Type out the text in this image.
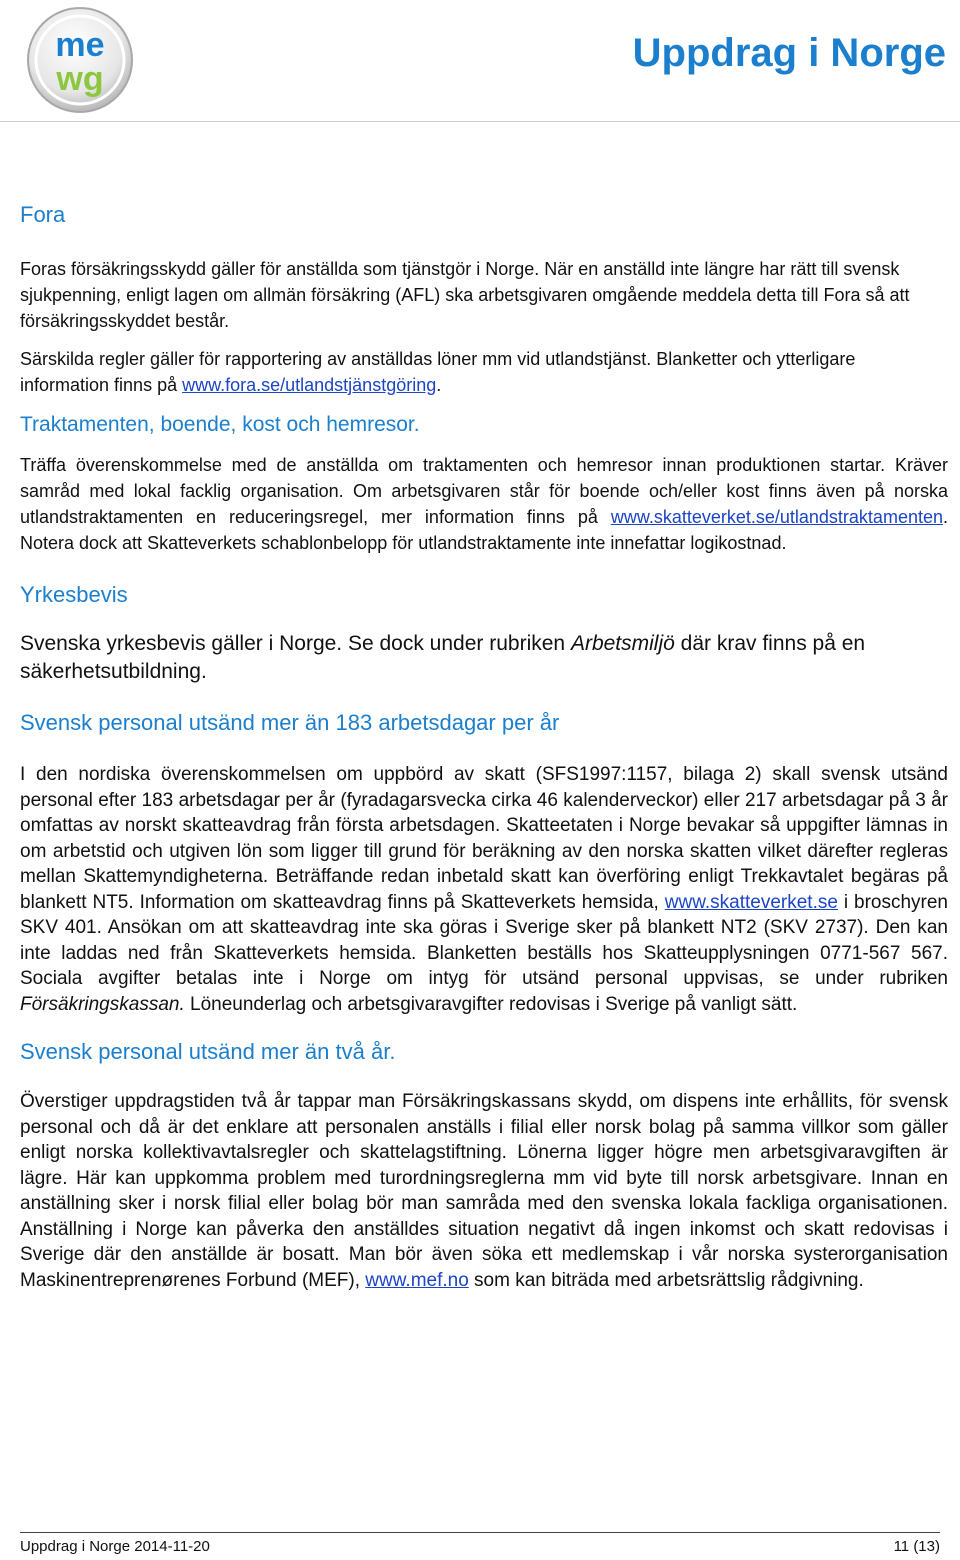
me
wg
Uppdrag i Norge
Fora

Foras försäkringsskydd gäller för anställda som tjänstgör i Norge. När en anställd inte längre har rätt till svensk sjukpenning, enligt lagen om allmän försäkring (AFL) ska arbetsgivaren omgående meddela detta till Fora så att försäkringsskyddet består.

Särskilda regler gäller för rapportering av anställdas löner mm vid utlandstjänst. Blanketter och ytterligare information finns på www.fora.se/utlandstjänstgöring.

Traktamenten, boende, kost och hemresor.

Träffa överenskommelse med de anställda om traktamenten och hemresor innan produktionen startar. Kräver samråd med lokal facklig organisation. Om arbetsgivaren står för boende och/eller kost finns även på norska utlandstraktamenten en reduceringsregel, mer information finns på www.skatteverket.se/utlandstraktamenten. Notera dock att Skatteverkets schablonbelopp för utlandstraktamente inte innefattar logikostnad.

Yrkesbevis

Svenska yrkesbevis gäller i Norge. Se dock under rubriken Arbetsmiljö där krav finns på en säkerhetsutbildning.

Svensk personal utsänd mer än 183 arbetsdagar per år

I den nordiska överenskommelsen om uppbörd av skatt (SFS1997:1157, bilaga 2) skall svensk utsänd personal efter 183 arbetsdagar per år (fyradagarsvecka cirka 46 kalenderveckor) eller 217 arbetsdagar på 3 år omfattas av norskt skatteavdrag från första arbetsdagen. Skatteetaten i Norge bevakar så uppgifter lämnas in om arbetstid och utgiven lön som ligger till grund för beräkning av den norska skatten vilket därefter regleras mellan Skattemyndigheterna. Beträffande redan inbetald skatt kan överföring enligt Trekkavtalet begäras på blankett NT5. Information om skatteavdrag finns på Skatteverkets hemsida, www.skatteverket.se i broschyren SKV 401. Ansökan om att skatteavdrag inte ska göras i Sverige sker på blankett NT2 (SKV 2737). Den kan inte laddas ned från Skatteverkets hemsida. Blanketten beställs hos Skatteupplysningen 0771-567 567. Sociala avgifter betalas inte i Norge om intyg för utsänd personal uppvisas, se under rubriken Försäkringskassan. Löneunderlag och arbetsgivaravgifter redovisas i Sverige på vanligt sätt.

Svensk personal utsänd mer än två år.

Överstiger uppdragstiden två år tappar man Försäkringskassans skydd, om dispens inte erhållits, för svensk personal och då är det enklare att personalen anställs i filial eller norsk bolag på samma villkor som gäller enligt norska kollektivavtalsregler och skattelagstiftning. Lönerna ligger högre men arbetsgivaravgiften är lägre. Här kan uppkomma problem med turordningsreglerna mm vid byte till norsk arbetsgivare. Innan en anställning sker i norsk filial eller bolag bör man samråda med den svenska lokala fackliga organisationen. Anställning i Norge kan påverka den anställdes situation negativt då ingen inkomst och skatt redovisas i Sverige där den anställde är bosatt. Man bör även söka ett medlemskap i vår norska systerorganisation Maskinentreprenørenes Forbund (MEF), www.mef.no som kan biträda med arbetsrättslig rådgivning.

Uppdrag i Norge 2014-11-20	11 (13)
